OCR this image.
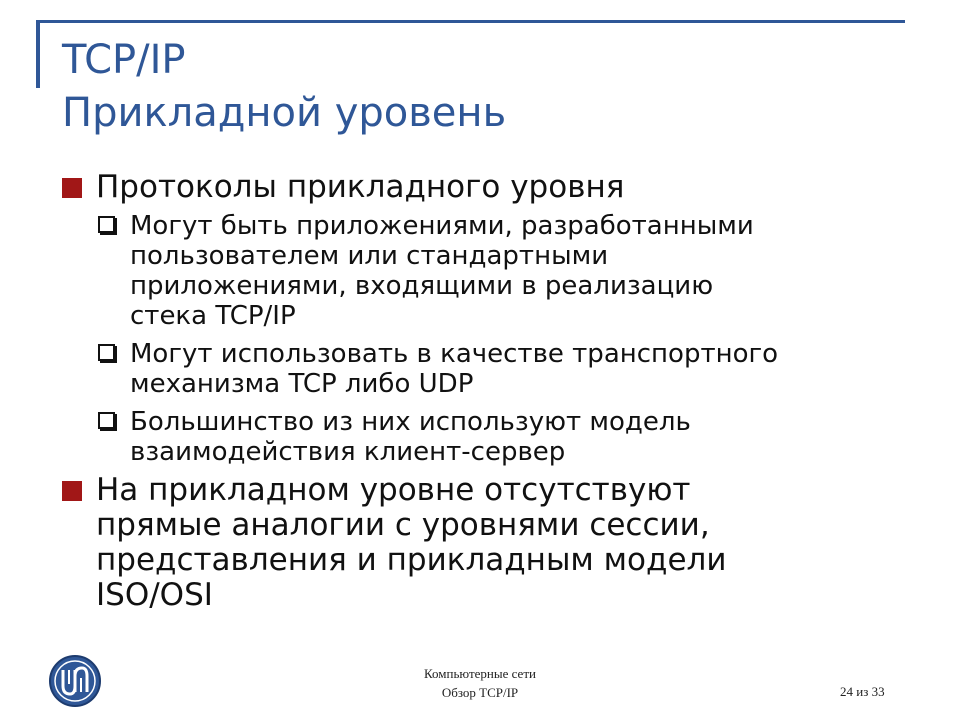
TCP/IP
Прикладной уровень
Протоколы прикладного уровня
Могут быть приложениями, разработанными
пользователем или стандартными
приложениями, входящими в реализацию
стека TCP/IP
Могут использовать в качестве транспортного
механизма TCP либо UDP
Большинство из них используют модель
взаимодействия клиент-сервер
На прикладном уровне отсутствуют
прямые аналогии с уровнями сессии,
представления и прикладным модели
ISO/OSI
Компьютерные сети
Обзор TCP/IP	24 из 33
